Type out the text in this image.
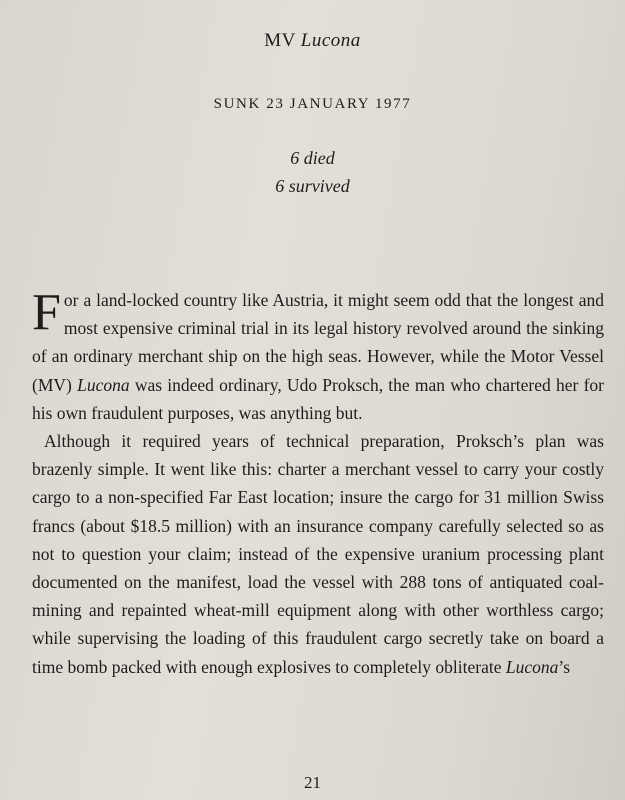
MV Lucona
SUNK 23 JANUARY 1977
6 died
6 survived

For a land-locked country like Austria, it might seem odd that the longest and most expensive criminal trial in its legal history revolved around the sinking of an ordinary merchant ship on the high seas. However, while the Motor Vessel (MV) Lucona was indeed ordinary, Udo Proksch, the man who chartered her for his own fraudulent purposes, was anything but.

Although it required years of technical preparation, Proksch’s plan was brazenly simple. It went like this: charter a merchant vessel to carry your costly cargo to a non-specified Far East location; insure the cargo for 31 million Swiss francs (about $18.5 million) with an insurance company carefully selected so as not to question your claim; instead of the expensive uranium processing plant documented on the manifest, load the vessel with 288 tons of antiquated coal-mining and repainted wheat-mill equipment along with other worthless cargo; while supervising the loading of this fraudulent cargo secretly take on board a time bomb packed with enough explosives to completely obliterate Lucona’s

21
